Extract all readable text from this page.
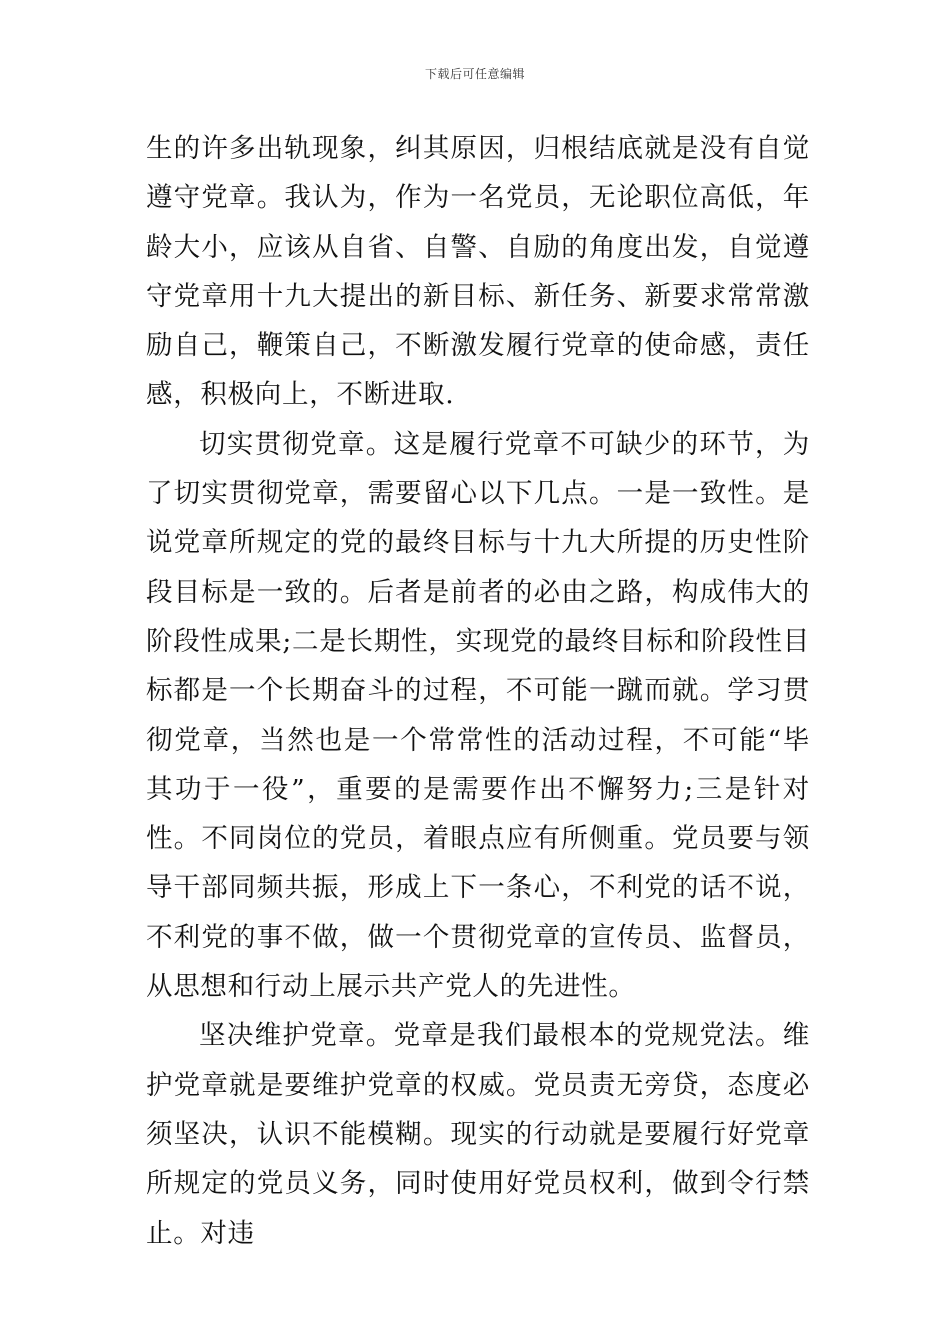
下载后可任意编辑

生的许多出轨现象，纠其原因，归根结底就是没有自觉遵守党章。我认为，作为一名党员，无论职位高低，年龄大小，应该从自省、自警、自励的角度出发，自觉遵守党章用十九大提出的新目标、新任务、新要求常常激励自己，鞭策自己，不断激发履行党章的使命感，责任感，积极向上，不断进取.

切实贯彻党章。这是履行党章不可缺少的环节，为了切实贯彻党章，需要留心以下几点。一是一致性。是说党章所规定的党的最终目标与十九大所提的历史性阶段目标是一致的。后者是前者的必由之路，构成伟大的阶段性成果;二是长期性，实现党的最终目标和阶段性目标都是一个长期奋斗的过程，不可能一蹴而就。学习贯彻党章，当然也是一个常常性的活动过程，不可能“毕其功于一役”，重要的是需要作出不懈努力;三是针对性。不同岗位的党员，着眼点应有所侧重。党员要与领导干部同频共振，形成上下一条心，不利党的话不说，不利党的事不做，做一个贯彻党章的宣传员、监督员，从思想和行动上展示共产党人的先进性。

坚决维护党章。党章是我们最根本的党规党法。维护党章就是要维护党章的权威。党员责无旁贷，态度必须坚决，认识不能模糊。现实的行动就是要履行好党章所规定的党员义务，同时使用好党员权利，做到令行禁止。对违
